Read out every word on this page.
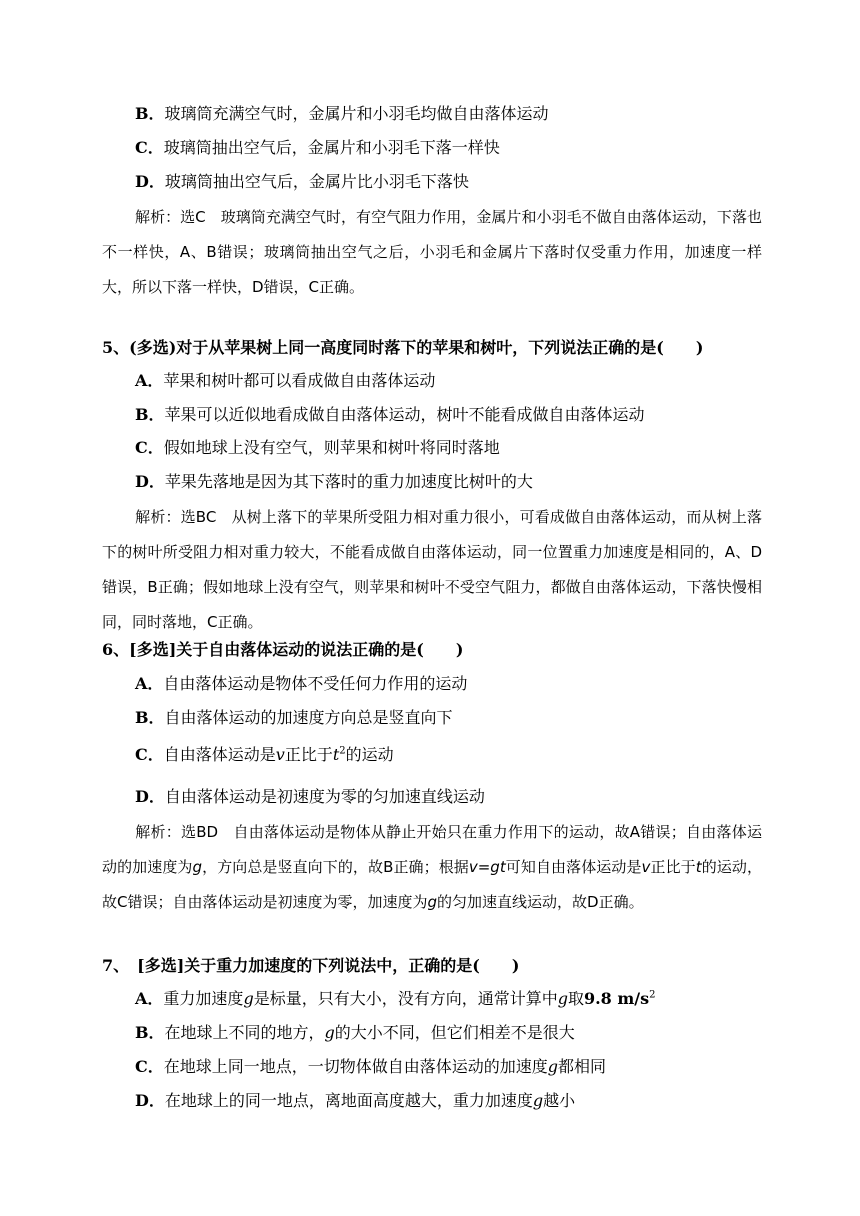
B．玻璃筒充满空气时，金属片和小羽毛均做自由落体运动
C．玻璃筒抽出空气后，金属片和小羽毛下落一样快
D．玻璃筒抽出空气后，金属片比小羽毛下落快
解析：选C　玻璃筒充满空气时，有空气阻力作用，金属片和小羽毛不做自由落体运动，下落也不一样快，A、B错误；玻璃筒抽出空气之后，小羽毛和金属片下落时仅受重力作用，加速度一样大，所以下落一样快，D错误，C正确。
5、(多选)对于从苹果树上同一高度同时落下的苹果和树叶，下列说法正确的是(　　)
A．苹果和树叶都可以看成做自由落体运动
B．苹果可以近似地看成做自由落体运动，树叶不能看成做自由落体运动
C．假如地球上没有空气，则苹果和树叶将同时落地
D．苹果先落地是因为其下落时的重力加速度比树叶的大
解析：选BC　从树上落下的苹果所受阻力相对重力很小，可看成做自由落体运动，而从树上落下的树叶所受阻力相对重力较大，不能看成做自由落体运动，同一位置重力加速度是相同的，A、D错误，B正确；假如地球上没有空气，则苹果和树叶不受空气阻力，都做自由落体运动，下落快慢相同，同时落地，C正确。
6、[多选]关于自由落体运动的说法正确的是(　　)
A．自由落体运动是物体不受任何力作用的运动
B．自由落体运动的加速度方向总是竖直向下
C．自由落体运动是v正比于$t^2$的运动
D．自由落体运动是初速度为零的匀加速直线运动
解析：选BD　自由落体运动是物体从静止开始只在重力作用下的运动，故A错误；自由落体运动的加速度为g，方向总是竖直向下的，故B正确；根据v=gt可知自由落体运动是v正比于t的运动，故C错误；自由落体运动是初速度为零，加速度为g的匀加速直线运动，故D正确。
7、　[多选]关于重力加速度的下列说法中，正确的是(　　)
A．重力加速度g是标量，只有大小，没有方向，通常计算中g取9.8 $m/s^2$
B．在地球上不同的地方，g的大小不同，但它们相差不是很大
C．在地球上同一地点，一切物体做自由落体运动的加速度g都相同
D．在地球上的同一地点，离地面高度越大，重力加速度g越小
